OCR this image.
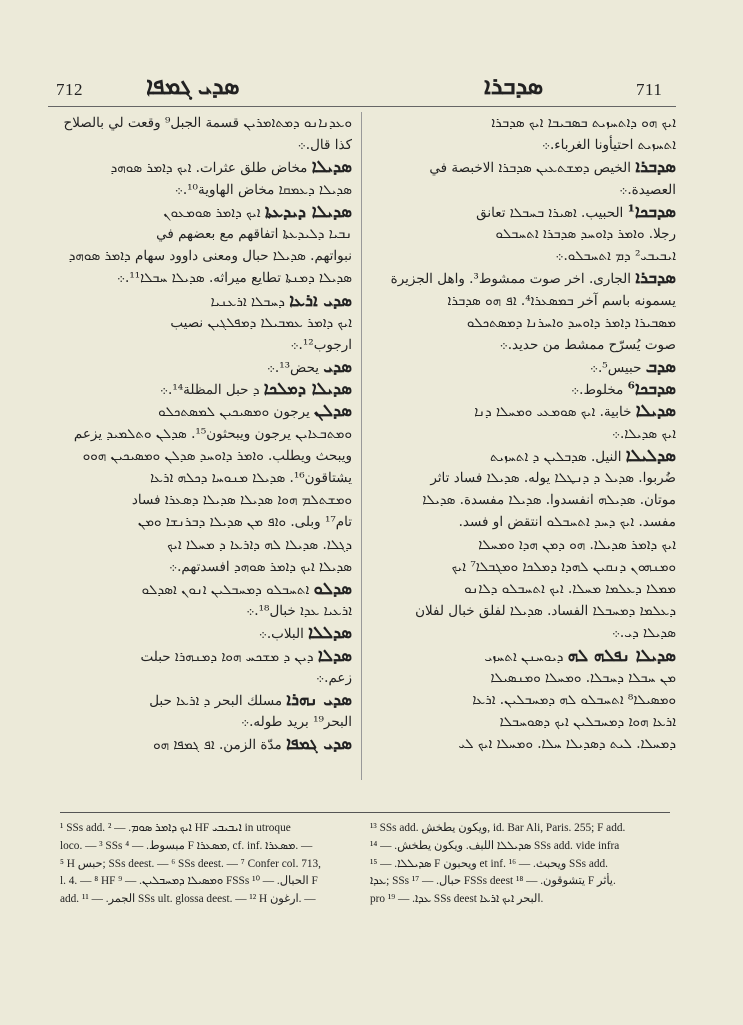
712	ܣܕܝ ܓܡܦܐ	ܣܕܒܪܐ	711
ܘܥܕܢܐܢܘ ܕܡܬܐܡܪܝܢ قسمة الجبل⁹ وقعت لي بالصلاح
كذا قال.܀
ܣܕܝܠܐ مخاض طلق عثرات. ܐܝܟ ܕܐܡܪ ܣܘܗܕ
ܣܕܝܠܐ ܕܥܡܩܐ مخاض الهاوية¹⁰.܀
ܣܕܝܠܐ ܕܝܕܥܬܐ ܐܝܟ ܕܐܡܪ ܣܘܡܥܘܢ
ܢܒܝܐ ܕܠܝܕܥܬܐ اتفاقهم مع بعضهم في
نبواتهم. ܣܕܝܠܐ حبال ومعنى داوود سهام ܕܐܡܪ ܣܘܗܕ
ܣܕܝܠܐ ܕܡܢܬܐ تطايع ميراثه. ܣܕܝܠܐ ܚܒܠܐ¹¹.܀
ܣܕܝ ܐܪܥܐ ܕܚܒܠܐ ܐܪܥܢܝܐ
ܐܝܟ ܕܐܡܪ ܥܡܒܝܠܐ ܕܡܦܠܓܝܢ نصيب
ارجوب¹².܀
ܣܕܝ يحض¹³.܀
ܣܕܝܠܐ ܕܡܠܟܐ ܕ حبل المظلة¹⁴.܀
ܣܕܠܢ يرجون ܘܡܣܝܟܝܢ ܠܡܣܬܟܠܘ
ܘܡܬܒܥܐܝܢ يرجون ويبحثون¹⁵. ܣܕܠܢ ܘܬܠܡܝܕ يزعم
ويبحث ويطلب. ܘܐܡܪ ܕܐܘܚܕ ܣܕܠܢ ܘܡܣܝܟܝܢ ܗܘܘ
يشتاقون¹⁶. ܣܕܝܠܐ ܡܢܘܚܐ ܕܟܠܗ ܐܪܥܐ
ܘܡܫܬܠܡ ܗܘܐ ܣܕܝܠܐ ܣܕܝܠܐ ܕܣܥܪܐ فساد
تام¹⁷ وبلى. ܘܐܦ ܡܢ ܣܕܝܠܐ ܕܒܪܢܫܐ ܘܡܢ
ܕܓܠܐ. ܣܕܝܠܐ ܠܗ ܕܐܪܥܐ ܕ ܡܚܠܐ ܐܝܟ
ܣܕܝܠܐ ܐܝܟ ܕܐܡܪ ܣܘܗܕ افسدتهم.܀
ܣܕܠܘ ܐܬܚܒܠܘ ܕܡܚܒܠܝܢ ܐܢܘܢ ܐܣܕܠܘ
ܐܪܥܝܐ ܥܕܐ خبال¹⁸.܀
ܣܕܠܠܐ البلاب.܀
ܣܕܠܐ ܕܝܢ ܕ ܡܫܟܚ ܗܘܐ ܕܡܢܗܪܐ حبلت
زعم.܀
ܣܕܝ ܢܗܪܐ مسلك البحر ܕ ܐܪܥܐ حبل
البحر¹⁹ بريد طوله.܀
ܣܕܝ ܓܡܦܐ مدّة الزمن. ܐܦ ܓܡܦܐ ܗܘ
ܐܝܟ ܗܘ ܕܐܬܚܙܝܬ ܒܣܒܝܒܐ ܐܝܟ ܣܕܒܪܐ
ܐܬܚܙܝܬ احتيأونا الغرباء.܀
ܣܕܒܪܐ الخيص ܕܡܫܬܥܝܢ ܣܕܒܪܐ الاخبصة في
العصيدة.܀
ܣܕܒܟܐ¹ الحبيب. ܐܣܝܪܐ ܒܚܒܠܐ تعانق
رجلا. ܘܐܡܪ ܕܐܘܚܕ ܣܕܒܪܐ ܐܬܚܒܠܘ
ܐܝܒܝܒܝ² ܕܡ ܐܬܚܒܠܘ.܀
ܣܕܒܪܐ الجارى. اخر صوت ممشوط³. واهل الجزيرة
يسمونه باسم آخر ܒܡܣܥܪܐ⁴. ܐܦ ܗܘ ܣܕܒܪܐ
ܡܣܒܝܪܐ ܕܐܡܪ ܕܐܘܚܕ ܘܐܚܪܢܐ ܕܡܣܬܟܠܘ
صوت يُسرّح ممشط من حديد.܀
ܣܕܒ حبيس⁵.܀
ܣܕܒܟܐ⁶ مخلوط.܀
ܣܕܝܠܐ خابية. ܐܝܟ ܣܘܡܥܝ ܘܡܚܠܐ ܕܢܐ
ܐܝܟ ܣܕܝܠܐ.܀
ܣܕܠܝܠܐ النيل. ܣܕܒܠܝܢ ܕ ܐܬܚܙܝܬ
ضُربوا. ܣܕܝܠ ܕ ܕܢܛܠܐ يوله. ܣܕܝܠܐ فساد تاثر
موتان. ܣܕܝܠܗ انفسدوا. ܣܕܝܠܐ مفسدة. ܣܕܝܠܐ
مفسد. ܐܝܟ ܕܚܕ ܐܬܚܒܠܘ انتقض او فسد.
ܐܝܟ ܕܐܡܪ ܣܕܝܠܐ. ܗܘ ܕܡܢ ܗܕܐ ܘܡܚܠܐ
ܘܡܢܗܘܢ ܕܢܩܝܢ ܠܗܕܐ ܕܡܠܟܐ ܘܡܓܒܠܐ⁷ ܐܝܟ
ܡܡܠܐ ܕܥܠܡܐ ܡܚܠܐ. ܐܝܟ ܐܬܚܒܠܘ ܕܠܐܢܘ
ܕܥܠܡܐ ܕܡܚܒܠܐ الفساد. ܣܕܝܠܐ لفلق خبال لفلان
ܣܕܝܠܐ ܕܝ.܀
ܣܕܝܠܐ ܢܦܠܗ ܠܗ ܕܝܘܚܢܢ ܐܬܚܙܝ
ܡܢ ܚܒܠܐ ܕܚܒܠܐ. ܘܡܚܠܐ ܘܡܢܣܝܠܐ
ܘܡܣܝܠܐ⁸ ܐܬܚܒܠܘ ܠܗ ܕܡܚܒܠܝܢ. ܐܪܥܐ
ܐܪܥܐ ܗܘܐ ܕܡܚܒܠܝܢ ܐܝܟ ܕܣܘܚܒܠܐ
ܕܡܚܠܐ. ܠܝܬ ܕܣܕܝܠܐ ܚܠܐ. ܘܡܚܠܐ ܐܝܟ ܠܝ
¹ SSs add. ܐܝܟ ܕܐܡܪ ܣܘܡ. — ² HF ܐܝܒܝܒܝ in utroque
loco. — ³ SSs مبسوط. — ⁴ F ܡܣܥܪܐ, cf. inf. ܡܣܥܪܐ. —
⁵ H حبس; SSs deest. — ⁶ SSs deest. — ⁷ Confer col. 713,
l. 4. — ⁸ HF ܘܡܣܝܠܐ ܕܡܚܒܠܝܢ. — ⁹ FSSs الحبال. — ¹⁰ F
add. الجمر. — ¹¹ SSs ult. glossa deest. — ¹² H ارغون. —
¹³ SSs add. ويكون يطخش, id. Bar Ali, Paris. 255; F add.
ܣܕܝܠܠܐ اللبف. ويكون يطخش. — ¹⁴ SSs add. vide infra
ܣܕܝܠܠܐ. — ¹⁵ F ويحبون et inf. ويحبث. — ¹⁶ SSs add.
ܥܕܐ; SSs حبال. — ¹⁷ FSSs deest يتشوقون. — ¹⁸ F يأثر.
pro ܥܕܐ. — ¹⁹ SSs deest البحر ܐܝܟ ܐܪܥܐ.
